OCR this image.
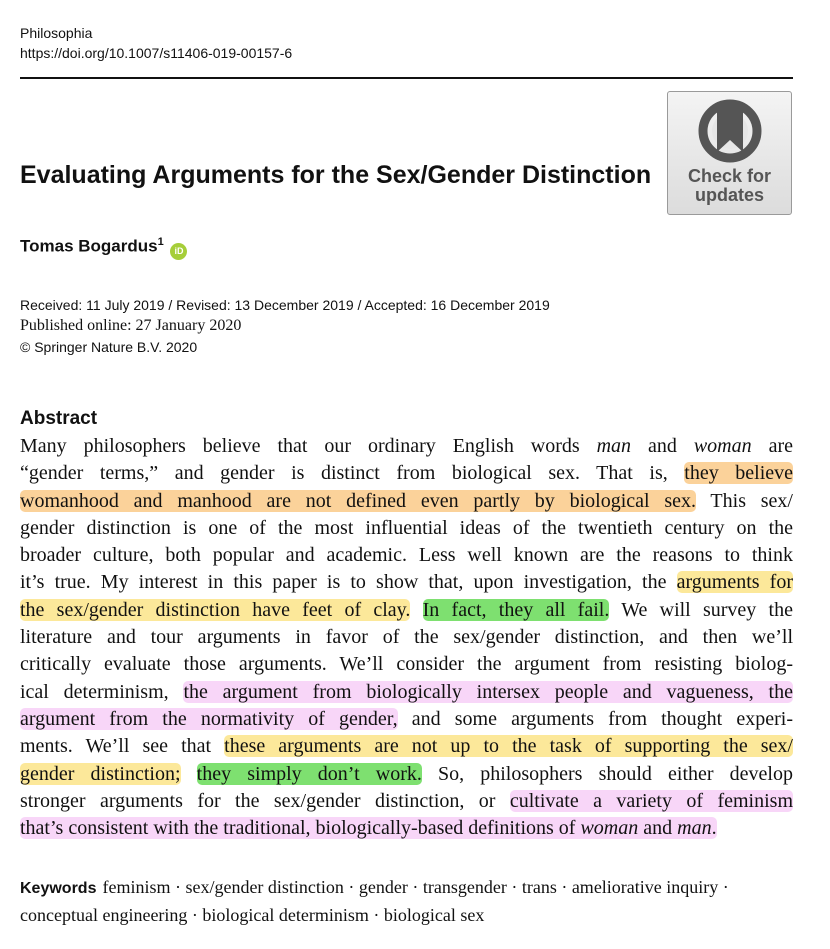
Philosophia
https://doi.org/10.1007/s11406-019-00157-6
Check for
updates
Evaluating Arguments for the Sex/Gender Distinction
Tomas Bogardus$^1$ iD
Received: 11 July 2019 / Revised: 13 December 2019 / Accepted: 16 December 2019
Published online: 27 January 2020
© Springer Nature B.V. 2020
Abstract
Many philosophers believe that our ordinary English words man and woman are
“gender terms,” and gender is distinct from biological sex. That is, they believe
womanhood and manhood are not defined even partly by biological sex. This sex/
gender distinction is one of the most influential ideas of the twentieth century on the
broader culture, both popular and academic. Less well known are the reasons to think
it’s true. My interest in this paper is to show that, upon investigation, the arguments for
the sex/gender distinction have feet of clay. In fact, they all fail. We will survey the
literature and tour arguments in favor of the sex/gender distinction, and then we’ll
critically evaluate those arguments. We’ll consider the argument from resisting biolog-
ical determinism, the argument from biologically intersex people and vagueness, the
argument from the normativity of gender, and some arguments from thought experi-
ments. We’ll see that these arguments are not up to the task of supporting the sex/
gender distinction; they simply don’t work. So, philosophers should either develop
stronger arguments for the sex/gender distinction, or cultivate a variety of feminism
that’s consistent with the traditional, biologically-based definitions of woman and man.
Keywords feminism · sex/gender distinction · gender · transgender · trans · ameliorative inquiry · conceptual engineering · biological determinism · biological sex
